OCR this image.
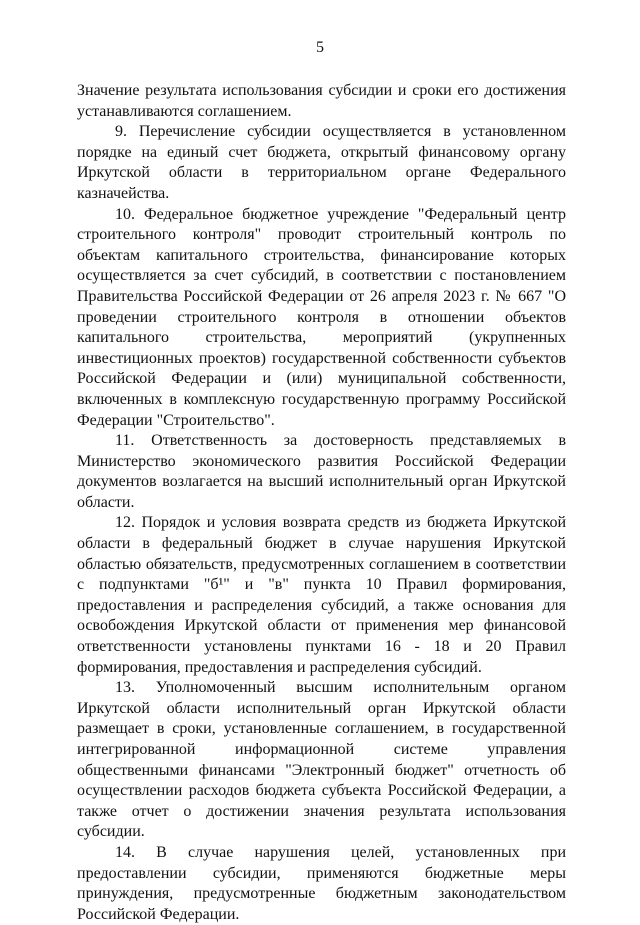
5

Значение результата использования субсидии и сроки его достижения устанавливаются соглашением.

9. Перечисление субсидии осуществляется в установленном порядке на единый счет бюджета, открытый финансовому органу Иркутской области в территориальном органе Федерального казначейства.

10. Федеральное бюджетное учреждение "Федеральный центр строительного контроля" проводит строительный контроль по объектам капитального строительства, финансирование которых осуществляется за счет субсидий, в соответствии с постановлением Правительства Российской Федерации от 26 апреля 2023 г. № 667 "О проведении строительного контроля в отношении объектов капитального строительства, мероприятий (укрупненных инвестиционных проектов) государственной собственности субъектов Российской Федерации и (или) муниципальной собственности, включенных в комплексную государственную программу Российской Федерации "Строительство".

11. Ответственность за достоверность представляемых в Министерство экономического развития Российской Федерации документов возлагается на высший исполнительный орган Иркутской области.

12. Порядок и условия возврата средств из бюджета Иркутской области в федеральный бюджет в случае нарушения Иркутской областью обязательств, предусмотренных соглашением в соответствии с подпунктами "б¹" и "в" пункта 10 Правил формирования, предоставления и распределения субсидий, а также основания для освобождения Иркутской области от применения мер финансовой ответственности установлены пунктами 16 - 18 и 20 Правил формирования, предоставления и распределения субсидий.

13. Уполномоченный высшим исполнительным органом Иркутской области исполнительный орган Иркутской области размещает в сроки, установленные соглашением, в государственной интегрированной информационной системе управления общественными финансами "Электронный бюджет" отчетность об осуществлении расходов бюджета субъекта Российской Федерации, а также отчет о достижении значения результата использования субсидии.

14. В случае нарушения целей, установленных при предоставлении субсидии, применяются бюджетные меры принуждения, предусмотренные бюджетным законодательством Российской Федерации.
